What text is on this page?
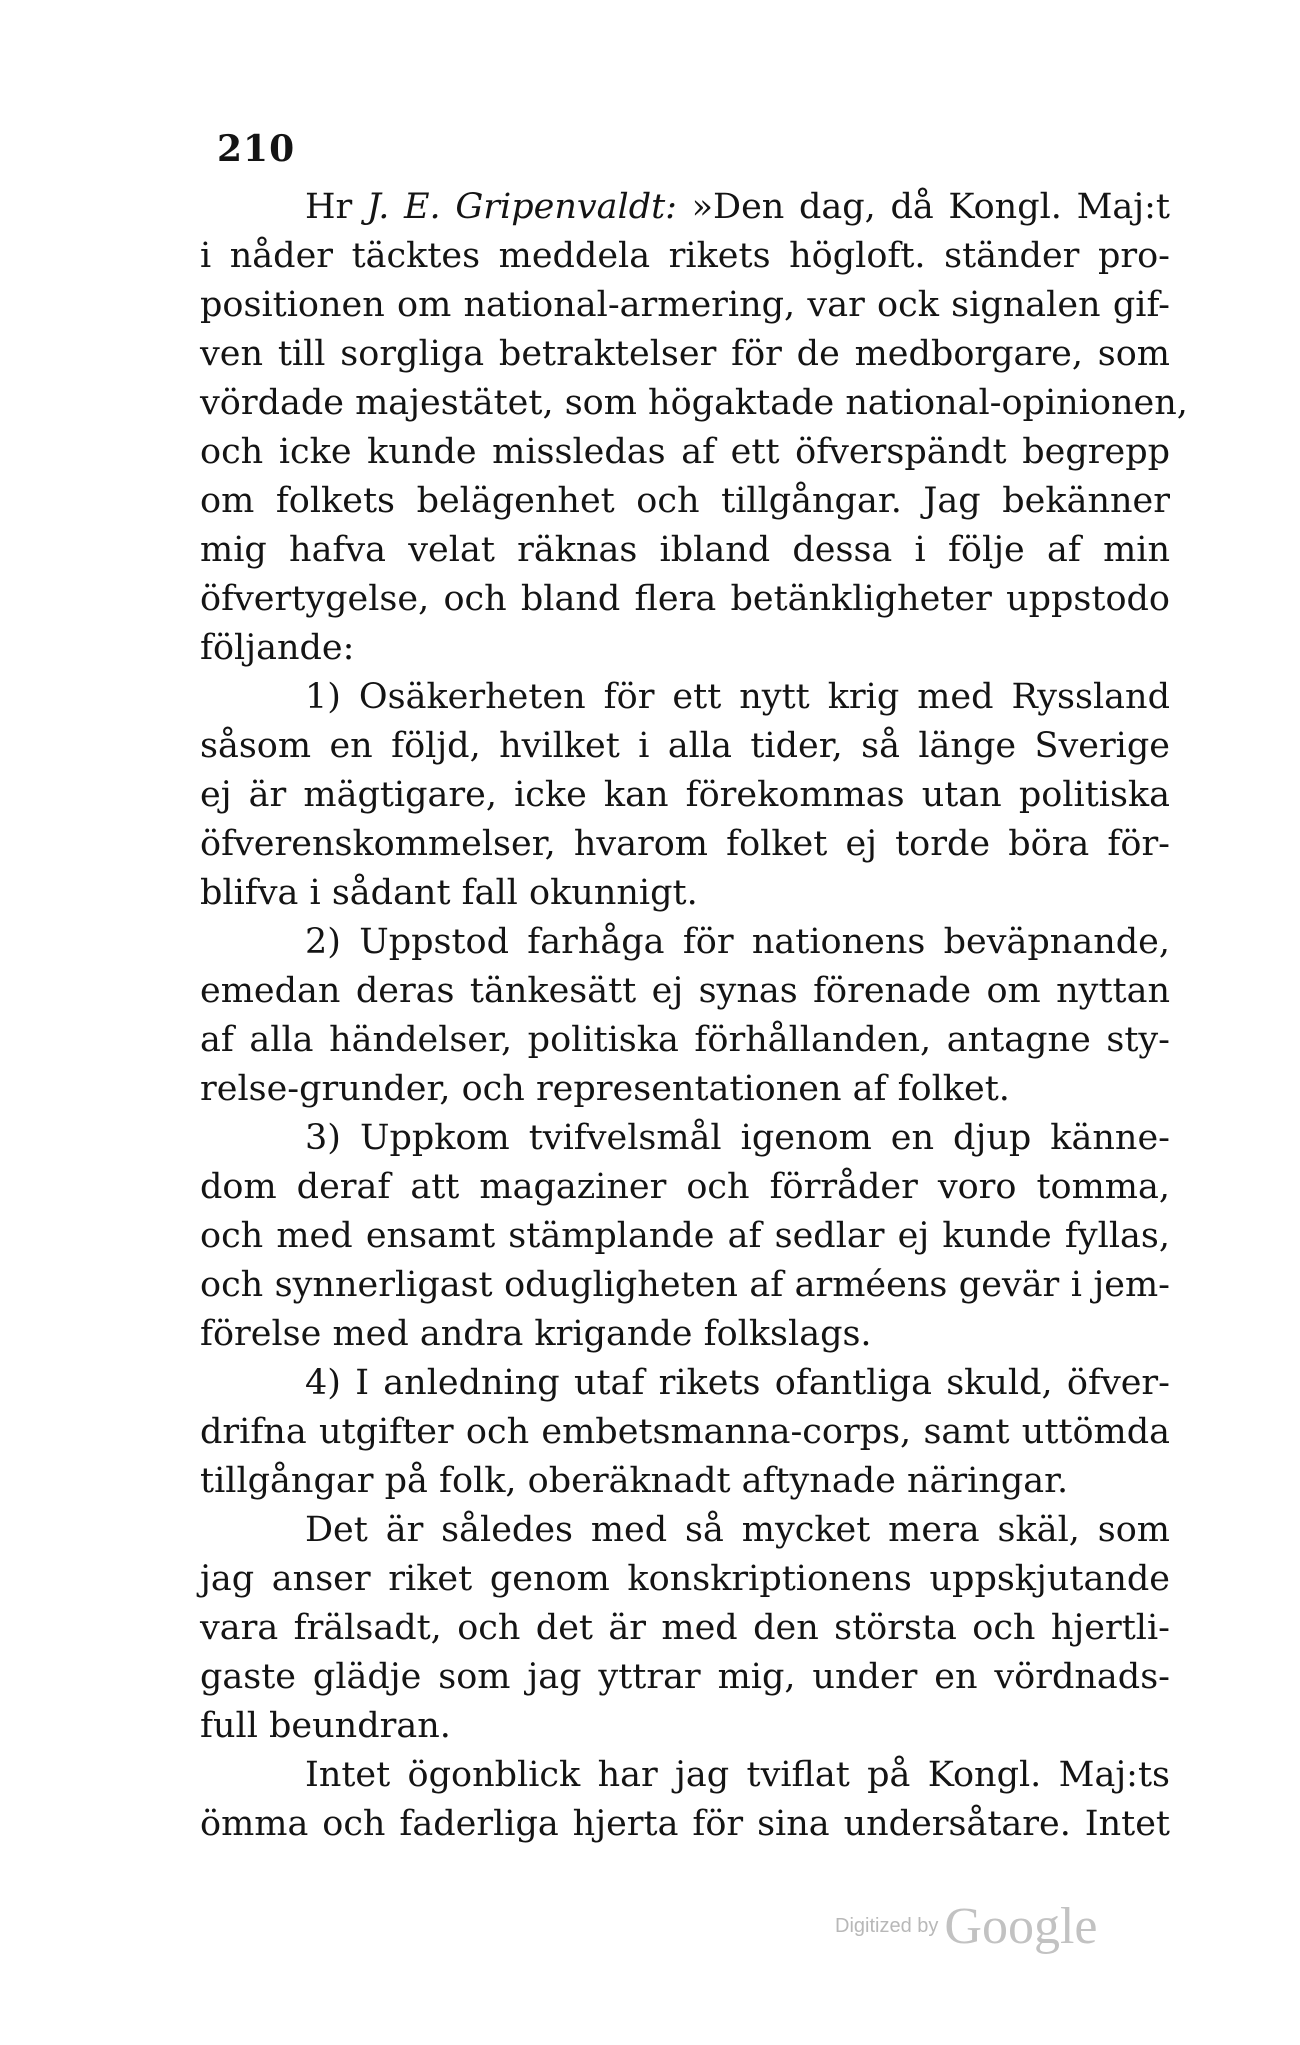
210
Hr J. E. Gripenvaldt: »Den dag, då Kongl. Maj:t
i nåder täcktes meddela rikets högloft. ständer pro-
positionen om national-armering, var ock signalen gif-
ven till sorgliga betraktelser för de medborgare, som
vördade majestätet, som högaktade national-opinionen,
och icke kunde missledas af ett öfverspändt begrepp
om folkets belägenhet och tillgångar. Jag bekänner
mig hafva velat räknas ibland dessa i följe af min
öfvertygelse, och bland flera betänkligheter uppstodo
följande:
1) Osäkerheten för ett nytt krig med Ryssland
såsom en följd, hvilket i alla tider, så länge Sverige
ej är mägtigare, icke kan förekommas utan politiska
öfverenskommelser, hvarom folket ej torde böra för-
blifva i sådant fall okunnigt.
2) Uppstod farhåga för nationens beväpnande,
emedan deras tänkesätt ej synas förenade om nyttan
af alla händelser, politiska förhållanden, antagne sty-
relse-grunder, och representationen af folket.
3) Uppkom tvifvelsmål igenom en djup känne-
dom deraf att magaziner och förråder voro tomma,
och med ensamt stämplande af sedlar ej kunde fyllas,
och synnerligast odugligheten af arméens gevär i jem-
förelse med andra krigande folkslags.
4) I anledning utaf rikets ofantliga skuld, öfver-
drifna utgifter och embetsmanna-corps, samt uttömda
tillgångar på folk, oberäknadt aftynade näringar.
Det är således med så mycket mera skäl, som
jag anser riket genom konskriptionens uppskjutande
vara frälsadt, och det är med den största och hjertli-
gaste glädje som jag yttrar mig, under en vördnads-
full beundran.
Intet ögonblick har jag tviflat på Kongl. Maj:ts
ömma och faderliga hjerta för sina undersåtare. Intet
Digitized by Google
